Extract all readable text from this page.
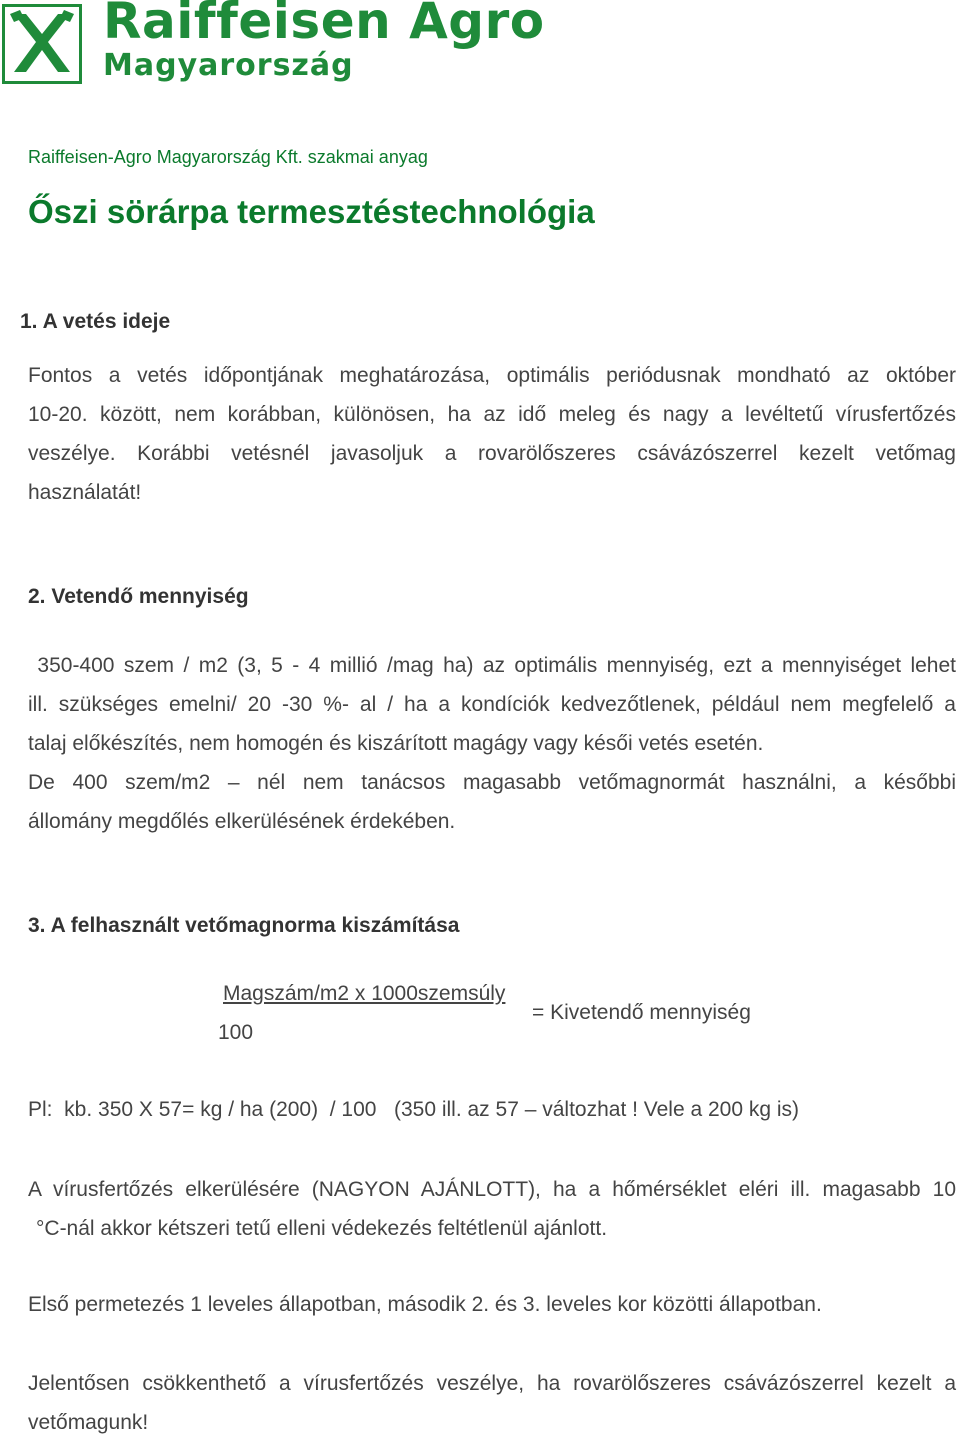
Raiffeisen Agro
Magyarország
Raiffeisen-Agro Magyarország Kft. szakmai anyag
Őszi sörárpa termesztéstechnológia
1. A vetés ideje
Fontos a vetés időpontjának meghatározása, optimális periódusnak mondható az október
10-20. között, nem korábban, különösen, ha az idő meleg és nagy a levéltetű vírusfertőzés
veszélye. Korábbi vetésnél javasoljuk a rovarölőszeres csávázószerrel kezelt vetőmag
használatát!
2. Vetendő mennyiség
350-400 szem / m2 (3, 5 - 4 millió /mag ha) az optimális mennyiség, ezt a mennyiséget lehet
ill. szükséges emelni/ 20 -30 %- al / ha a kondíciók kedvezőtlenek, például nem megfelelő a
talaj előkészítés, nem homogén és kiszárított magágy vagy késői vetés esetén.
De 400 szem/m2 – nél nem tanácsos magasabb vetőmagnormát használni, a későbbi
állomány megdőlés elkerülésének érdekében.
3. A felhasznált vetőmagnorma kiszámítása
Magszám/m2 x 1000szemsúly
= Kivetendő mennyiség
100
Pl:  kb. 350 X 57= kg / ha (200)  / 100   (350 ill. az 57 – változhat ! Vele a 200 kg is)
A vírusfertőzés elkerülésére (NAGYON AJÁNLOTT), ha a hőmérséklet eléri ill. magasabb 10
°C-nál akkor kétszeri tetű elleni védekezés feltétlenül ajánlott.
Első permetezés 1 leveles állapotban, második 2. és 3. leveles kor közötti állapotban.
Jelentősen csökkenthető a vírusfertőzés veszélye, ha rovarölőszeres csávázószerrel kezelt a
vetőmagunk!
